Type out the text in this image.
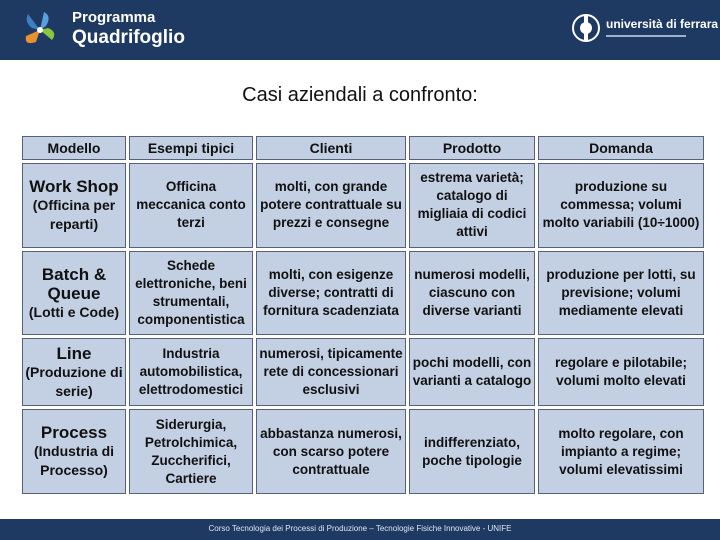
Programma
Quadrifoglio
università di ferrara
Casi aziendali a confronto:
Modello	Esempi tipici	Clienti	Prodotto	Domanda

Work Shop
(Officina per reparti)	Officina meccanica conto terzi	molti, con grande potere contrattuale su prezzi e consegne	estrema varietà; catalogo di migliaia di codici attivi	produzione su commessa; volumi molto variabili (10÷1000)

Batch & Queue
(Lotti e Code)	Schede elettroniche, beni strumentali, componentistica	molti, con esigenze diverse; contratti di fornitura scadenziata	numerosi modelli, ciascuno con diverse varianti	produzione per lotti, su previsione; volumi mediamente elevati

Line
(Produzione di serie)	Industria automobilistica, elettrodomestici	numerosi, tipicamente rete di concessionari esclusivi	pochi modelli, con varianti a catalogo	regolare e pilotabile; volumi molto elevati

Process
(Industria di Processo)	Siderurgia, Petrolchimica, Zuccherifici, Cartiere	abbastanza numerosi, con scarso potere contrattuale	indifferenziato, poche tipologie	molto regolare, con impianto a regime; volumi elevatissimi
Corso Tecnologia dei Processi di Produzione – Tecnologie Fisiche Innovative - UNIFE
